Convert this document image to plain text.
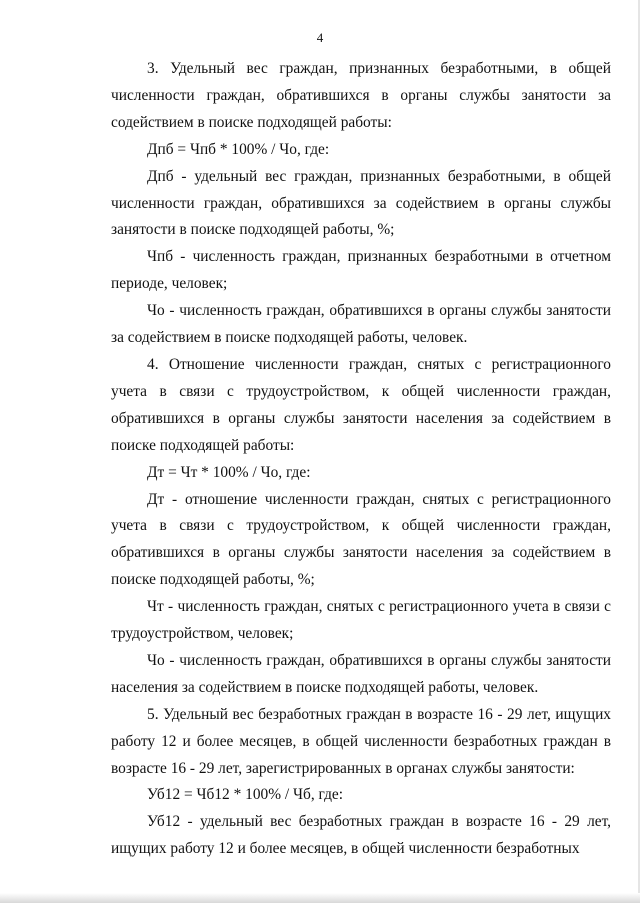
4

3. Удельный вес граждан, признанных безработными, в общей численности граждан, обратившихся в органы службы занятости за содействием в поиске подходящей работы:

Дпб = Чпб * 100% / Чо, где:

Дпб - удельный вес граждан, признанных безработными, в общей численности граждан, обратившихся за содействием в органы службы занятости в поиске подходящей работы, %;

Чпб - численность граждан, признанных безработными в отчетном периоде, человек;

Чо - численность граждан, обратившихся в органы службы занятости за содействием в поиске подходящей работы, человек.

4. Отношение численности граждан, снятых с регистрационного учета в связи с трудоустройством, к общей численности граждан, обратившихся в органы службы занятости населения за содействием в поиске подходящей работы:

Дт = Чт * 100% / Чо, где:

Дт - отношение численности граждан, снятых с регистрационного учета в связи с трудоустройством, к общей численности граждан, обратившихся в органы службы занятости населения за содействием в поиске подходящей работы, %;

Чт - численность граждан, снятых с регистрационного учета в связи с трудоустройством, человек;

Чо - численность граждан, обратившихся в органы службы занятости населения за содействием в поиске подходящей работы, человек.

5. Удельный вес безработных граждан в возрасте 16 - 29 лет, ищущих работу 12 и более месяцев, в общей численности безработных граждан в возрасте 16 - 29 лет, зарегистрированных в органах службы занятости:

Уб12 = Чб12 * 100% / Чб, где:

Уб12 - удельный вес безработных граждан в возрасте 16 - 29 лет, ищущих работу 12 и более месяцев, в общей численности безработных
